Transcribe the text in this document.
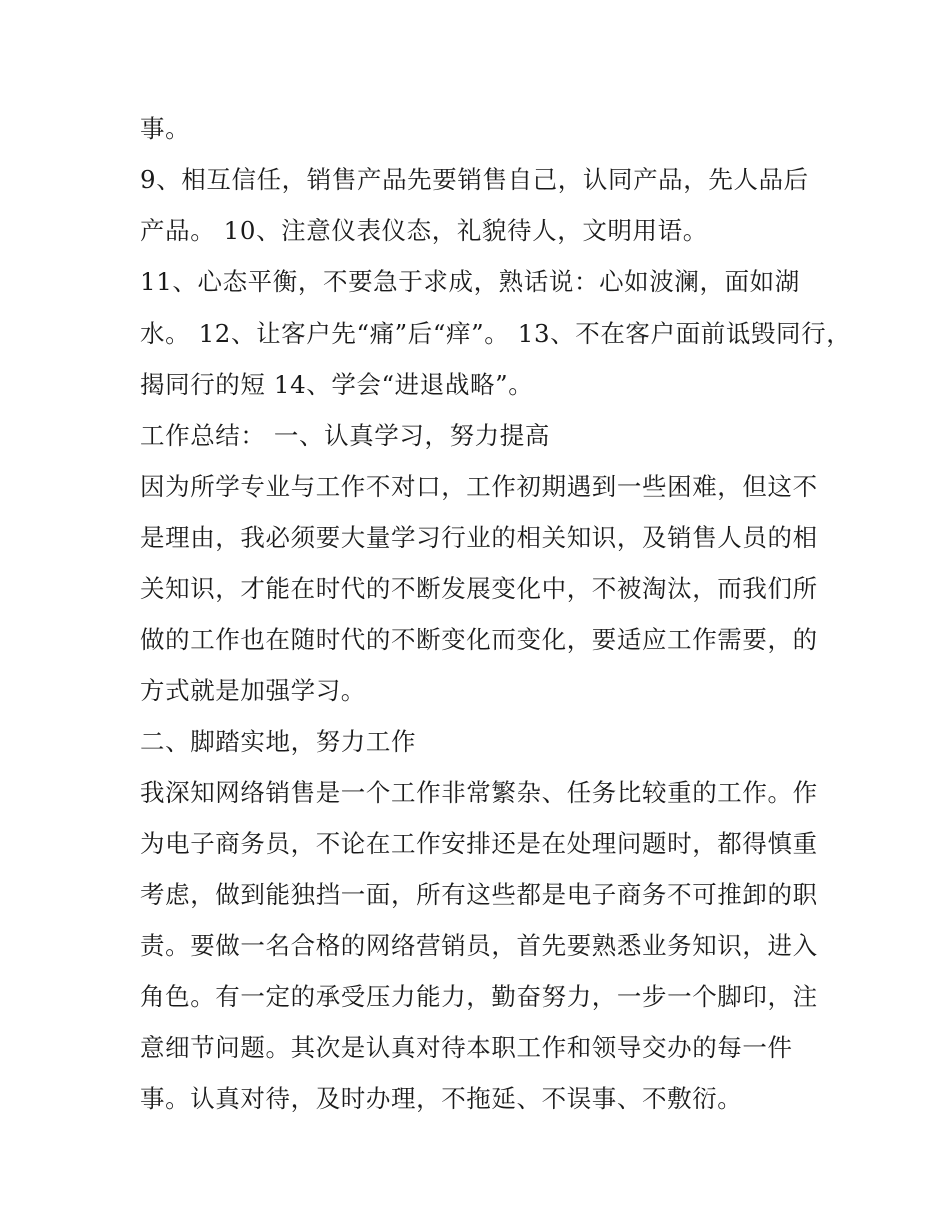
事。
9、相互信任，销售产品先要销售自己，认同产品，先人品后
产品。 10、注意仪表仪态，礼貌待人，文明用语。
11、心态平衡，不要急于求成，熟话说：心如波澜，面如湖
水。 12、让客户先“痛”后“痒”。 13、不在客户面前诋毁同行，
揭同行的短 14、学会“进退战略”。
工作总结： 一、认真学习，努力提高
因为所学专业与工作不对口，工作初期遇到一些困难，但这不
是理由，我必须要大量学习行业的相关知识，及销售人员的相
关知识，才能在时代的不断发展变化中，不被淘汰，而我们所
做的工作也在随时代的不断变化而变化，要适应工作需要，的
方式就是加强学习。
二、脚踏实地，努力工作
我深知网络销售是一个工作非常繁杂、任务比较重的工作。作
为电子商务员，不论在工作安排还是在处理问题时，都得慎重
考虑，做到能独挡一面，所有这些都是电子商务不可推卸的职
责。要做一名合格的网络营销员，首先要熟悉业务知识，进入
角色。有一定的承受压力能力，勤奋努力，一步一个脚印，注
意细节问题。其次是认真对待本职工作和领导交办的每一件
事。认真对待，及时办理，不拖延、不误事、不敷衍。
